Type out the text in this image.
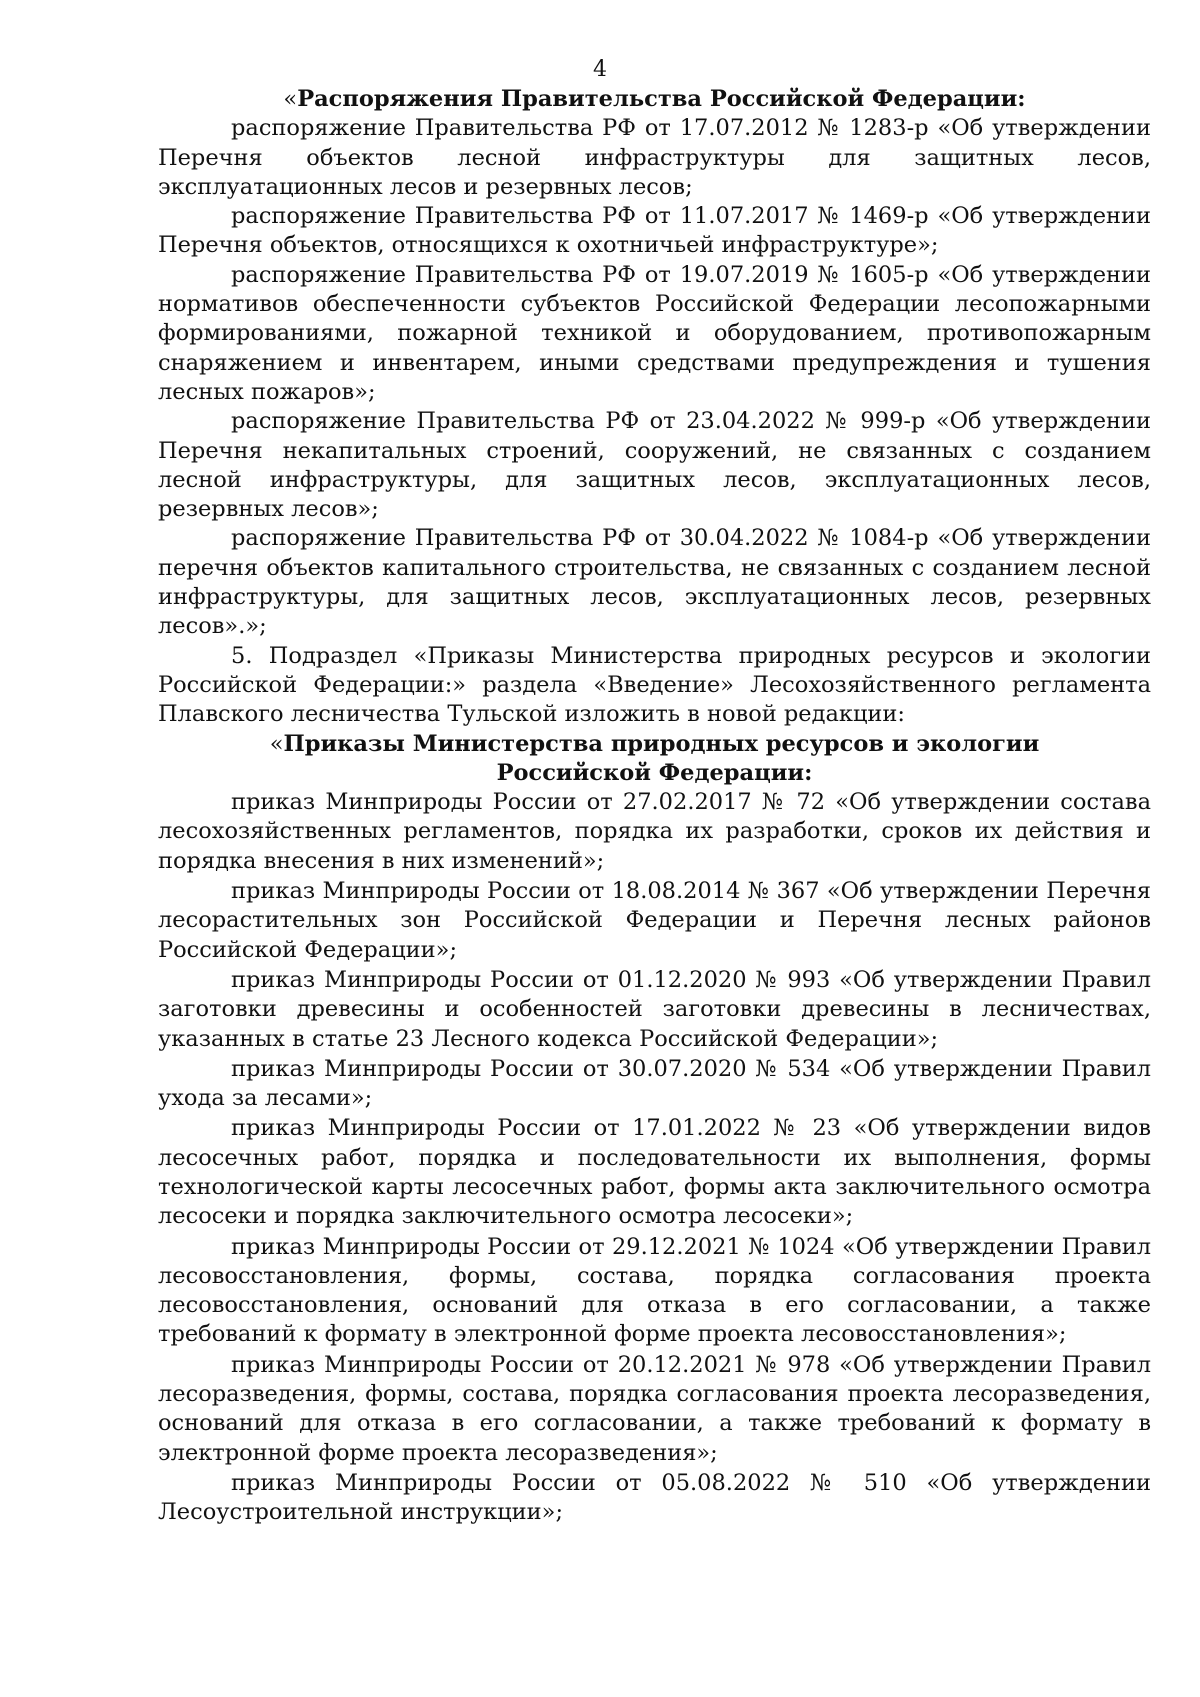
4

«Распоряжения Правительства Российской Федерации:

распоряжение Правительства РФ от 17.07.2012 № 1283-р «Об утверждении Перечня объектов лесной инфраструктуры для защитных лесов, эксплуатационных лесов и резервных лесов;

распоряжение Правительства РФ от 11.07.2017 № 1469-р «Об утверждении Перечня объектов, относящихся к охотничьей инфраструктуре»;

распоряжение Правительства РФ от 19.07.2019 № 1605-р «Об утверждении нормативов обеспеченности субъектов Российской Федерации лесопожарными формированиями, пожарной техникой и оборудованием, противопожарным снаряжением и инвентарем, иными средствами предупреждения и тушения лесных пожаров»;

распоряжение Правительства РФ от 23.04.2022 № 999-р «Об утверждении Перечня некапитальных строений, сооружений, не связанных с созданием лесной инфраструктуры, для защитных лесов, эксплуатационных лесов, резервных лесов»;

распоряжение Правительства РФ от 30.04.2022 № 1084-р «Об утверждении перечня объектов капитального строительства, не связанных с созданием лесной инфраструктуры, для защитных лесов, эксплуатационных лесов, резервных лесов».»;

5. Подраздел «Приказы Министерства природных ресурсов и экологии Российской Федерации:» раздела «Введение» Лесохозяйственного регламента Плавского лесничества Тульской изложить в новой редакции:

«Приказы Министерства природных ресурсов и экологии

Российской Федерации:

приказ Минприроды России от 27.02.2017 № 72 «Об утверждении состава лесохозяйственных регламентов, порядка их разработки, сроков их действия и порядка внесения в них изменений»;

приказ Минприроды России от 18.08.2014 № 367 «Об утверждении Перечня лесорастительных зон Российской Федерации и Перечня лесных районов Российской Федерации»;

приказ Минприроды России от 01.12.2020 № 993 «Об утверждении Правил заготовки древесины и особенностей заготовки древесины в лесничествах, указанных в статье 23 Лесного кодекса Российской Федерации»;

приказ Минприроды России от 30.07.2020 № 534 «Об утверждении Правил ухода за лесами»;

приказ Минприроды России от 17.01.2022 № 23 «Об утверждении видов лесосечных работ, порядка и последовательности их выполнения, формы технологической карты лесосечных работ, формы акта заключительного осмотра лесосеки и порядка заключительного осмотра лесосеки»;

приказ Минприроды России от 29.12.2021 № 1024 «Об утверждении Правил лесовосстановления, формы, состава, порядка согласования проекта лесовосстановления, оснований для отказа в его согласовании, а также требований к формату в электронной форме проекта лесовосстановления»;

приказ Минприроды России от 20.12.2021 № 978 «Об утверждении Правил лесоразведения, формы, состава, порядка согласования проекта лесоразведения, оснований для отказа в его согласовании, а также требований к формату в электронной форме проекта лесоразведения»;

приказ Минприроды России от 05.08.2022 № 510 «Об утверждении Лесоустроительной инструкции»;
